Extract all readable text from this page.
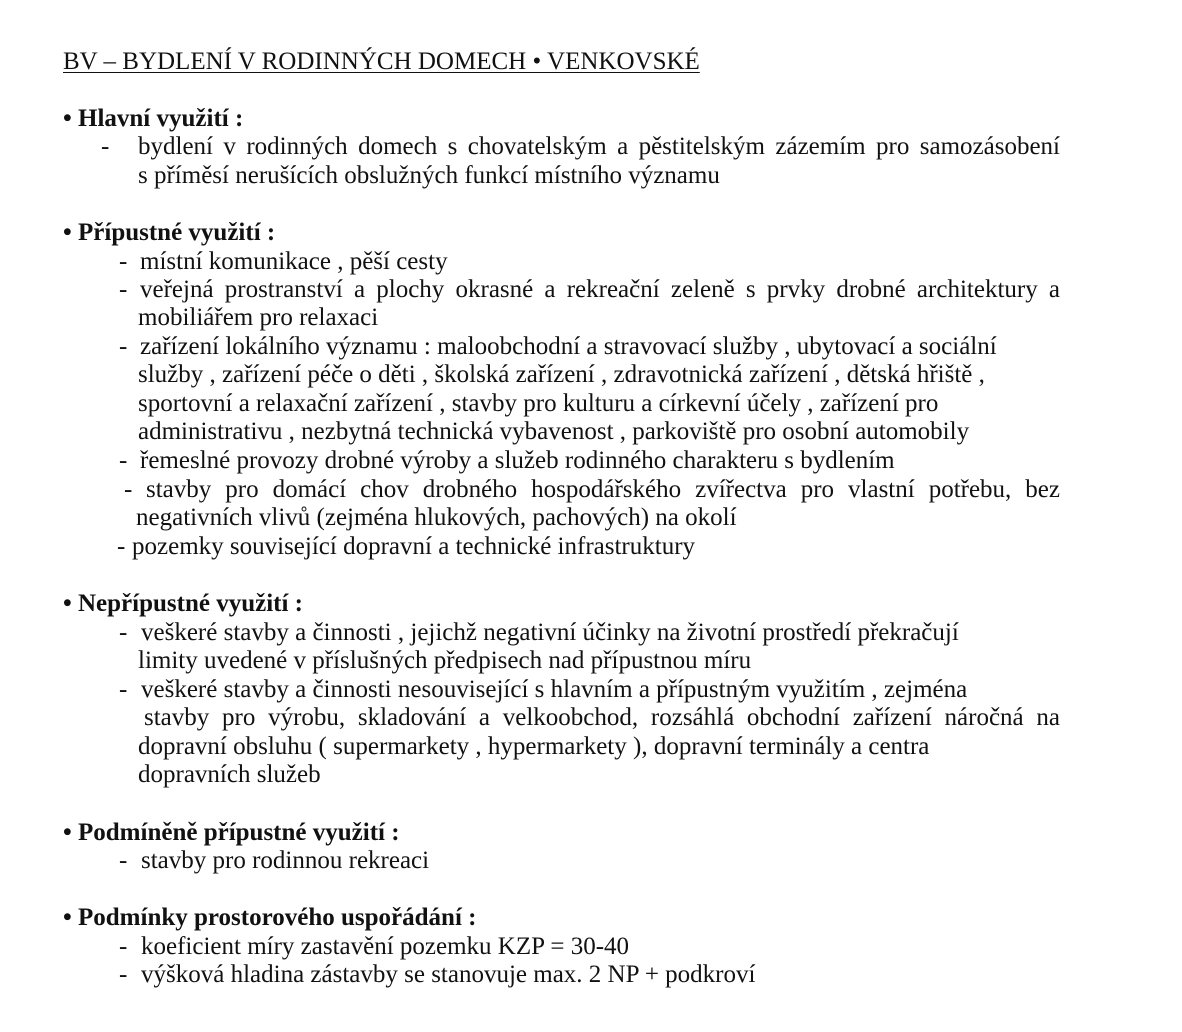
BV – BYDLENÍ V RODINNÝCH DOMECH • VENKOVSKÉ
• Hlavní využití :
- bydlení v rodinných domech s chovatelským a pěstitelským zázemím pro samozásobení
s příměsí nerušících obslužných funkcí místního významu
• Přípustné využití :
- místní komunikace , pěší cesty
- veřejná prostranství a plochy okrasné a rekreační zeleně s prvky drobné architektury a
mobiliářem pro relaxaci
- zařízení lokálního významu : maloobchodní a stravovací služby , ubytovací a sociální
služby , zařízení péče o děti , školská zařízení , zdravotnická zařízení , dětská hřiště ,
sportovní a relaxační zařízení , stavby pro kulturu a církevní účely , zařízení pro
administrativu , nezbytná technická vybavenost , parkoviště pro osobní automobily
- řemeslné provozy drobné výroby a služeb rodinného charakteru s bydlením
- stavby pro domácí chov drobného hospodářského zvířectva pro vlastní potřebu, bez
negativních vlivů (zejména hlukových, pachových) na okolí
- pozemky související dopravní a technické infrastruktury
• Nepřípustné využití :
- veškeré stavby a činnosti , jejichž negativní účinky na životní prostředí překračují
limity uvedené v příslušných předpisech nad přípustnou míru
- veškeré stavby a činnosti nesouvisející s hlavním a přípustným využitím , zejména
stavby pro výrobu, skladování a velkoobchod, rozsáhlá obchodní zařízení náročná na
dopravní obsluhu ( supermarkety , hypermarkety ), dopravní terminály a centra
dopravních služeb
• Podmíněně přípustné využití :
- stavby pro rodinnou rekreaci
• Podmínky prostorového uspořádání :
- koeficient míry zastavění pozemku KZP = 30-40
- výšková hladina zástavby se stanovuje max. 2 NP + podkroví
